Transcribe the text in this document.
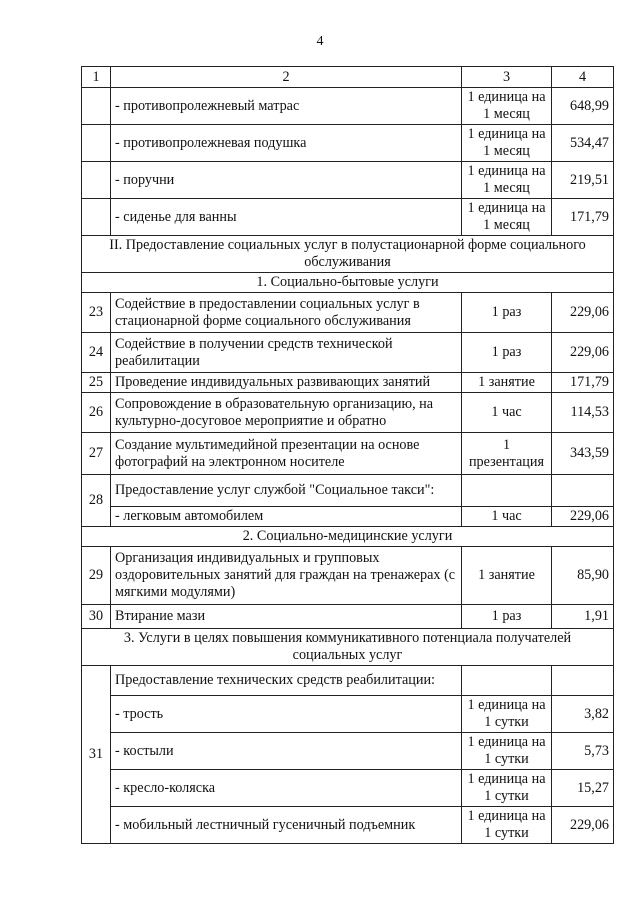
4
1	2	3	4
	- противопролежневый матрас	1 единица на 1 месяц	648,99
	- противопролежневая подушка	1 единица на 1 месяц	534,47
	- поручни	1 единица на 1 месяц	219,51
	- сиденье для ванны	1 единица на 1 месяц	171,79
II. Предоставление социальных услуг в полустационарной форме социального обслуживания			
1. Социально-бытовые услуги			
23	Содействие в предоставлении социальных услуг в стационарной форме социального обслуживания	1 раз	229,06
24	Содействие в получении средств технической реабилитации	1 раз	229,06
25	Проведение индивидуальных развивающих занятий	1 занятие	171,79
26	Сопровождение в образовательную организацию, на культурно-досуговое мероприятие и обратно	1 час	114,53
27	Создание мультимедийной презентации на основе фотографий на электронном носителе	1 презентация	343,59
28	Предоставление услуг службой "Социальное такси":		
	- легковым автомобилем	1 час	229,06
2. Социально-медицинские услуги			
29	Организация индивидуальных и групповых оздоровительных занятий для граждан на тренажерах (с мягкими модулями)	1 занятие	85,90
30	Втирание мази	1 раз	1,91
3. Услуги в целях повышения коммуникативного потенциала получателей социальных услуг			
31	Предоставление технических средств реабилитации:		
	- трость	1 единица на 1 сутки	3,82
	- костыли	1 единица на 1 сутки	5,73
	- кресло-коляска	1 единица на 1 сутки	15,27
	- мобильный лестничный гусеничный подъемник	1 единица на 1 сутки	229,06
